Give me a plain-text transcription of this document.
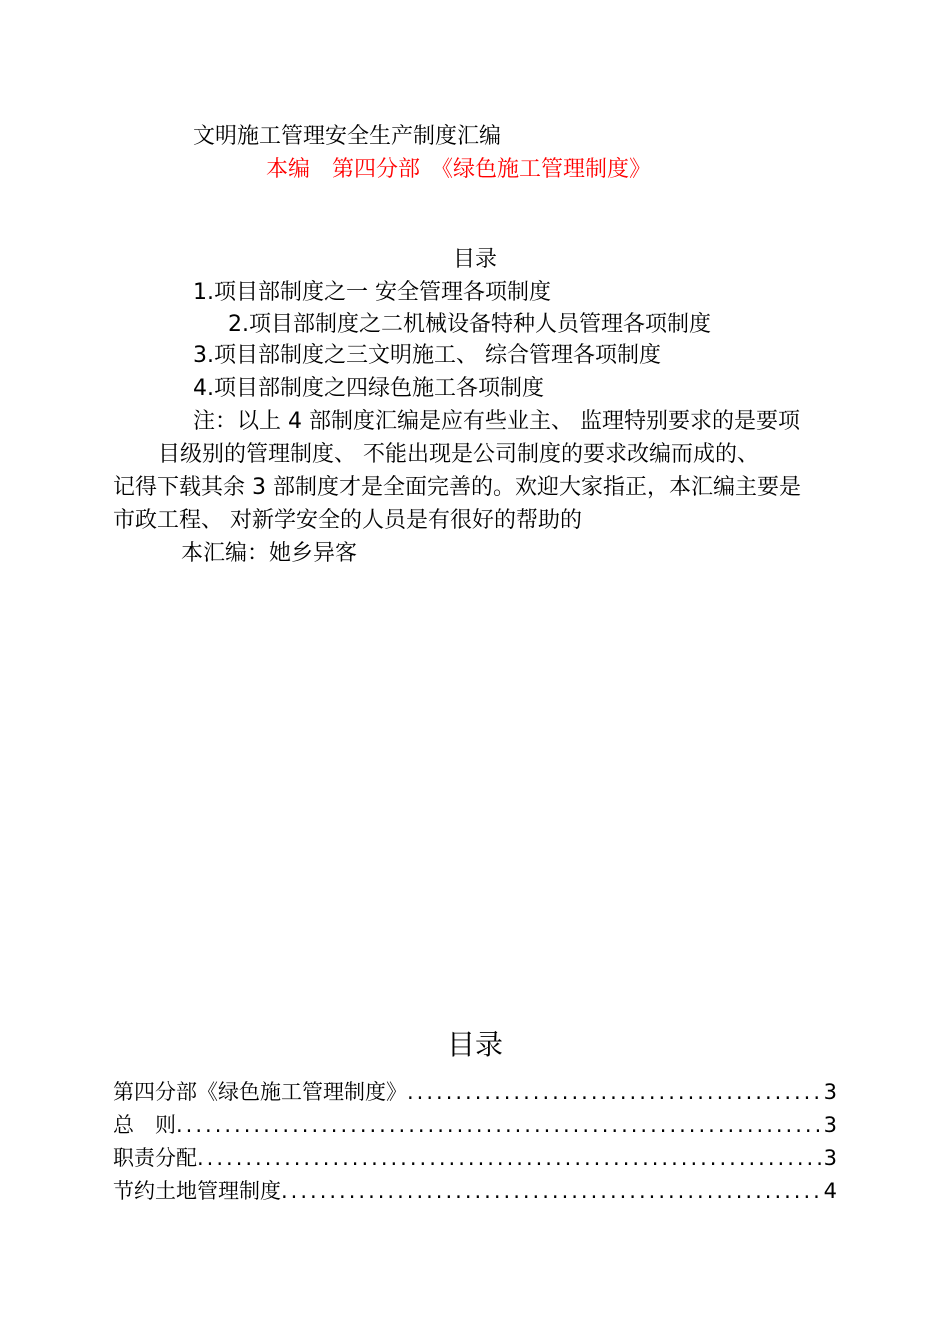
文明施工管理安全生产制度汇编
本编　第四分部　《绿色施工管理制度》
目录
1.项目部制度之一 安全管理各项制度
2.项目部制度之二机械设备特种人员管理各项制度
3.项目部制度之三文明施工、 综合管理各项制度
4.项目部制度之四绿色施工各项制度
注：以上 4 部制度汇编是应有些业主、 监理特别要求的是要项
目级别的管理制度、 不能出现是公司制度的要求改编而成的、
记得下载其余 3 部制度才是全面完善的。欢迎大家指正，本汇编主要是
市政工程、 对新学安全的人员是有很好的帮助的
本汇编：她乡异客
目录
第四分部《绿色施工管理制度》 .....	3
总　则 .....	3
职责分配 .....	3
节约土地管理制度 .....	4
